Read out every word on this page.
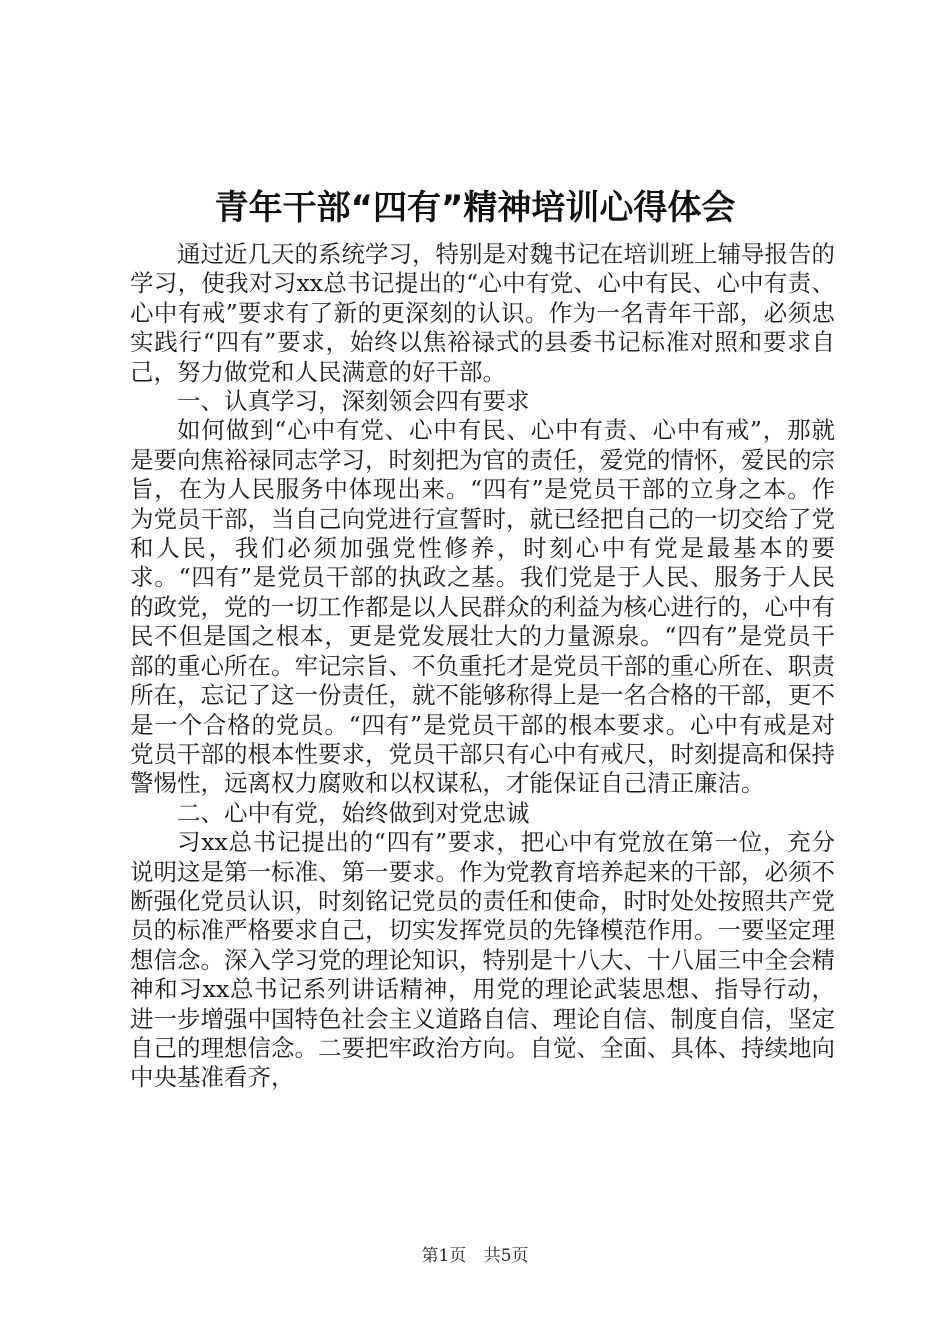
青年干部“四有”精神培训心得体会

通过近几天的系统学习，特别是对魏书记在培训班上辅导报告的学习，使我对习xx总书记提出的“心中有党、心中有民、心中有责、心中有戒”要求有了新的更深刻的认识。作为一名青年干部，必须忠实践行“四有”要求，始终以焦裕禄式的县委书记标准对照和要求自己，努力做党和人民满意的好干部。

一、认真学习，深刻领会四有要求

如何做到“心中有党、心中有民、心中有责、心中有戒”，那就是要向焦裕禄同志学习，时刻把为官的责任，爱党的情怀，爱民的宗旨，在为人民服务中体现出来。“四有”是党员干部的立身之本。作为党员干部，当自己向党进行宣誓时，就已经把自己的一切交给了党和人民，我们必须加强党性修养，时刻心中有党是最基本的要求。“四有”是党员干部的执政之基。我们党是于人民、服务于人民的政党，党的一切工作都是以人民群众的利益为核心进行的，心中有民不但是国之根本，更是党发展壮大的力量源泉。“四有”是党员干部的重心所在。牢记宗旨、不负重托才是党员干部的重心所在、职责所在，忘记了这一份责任，就不能够称得上是一名合格的干部，更不是一个合格的党员。“四有”是党员干部的根本要求。心中有戒是对党员干部的根本性要求，党员干部只有心中有戒尺，时刻提高和保持警惕性，远离权力腐败和以权谋私，才能保证自己清正廉洁。

二、心中有党，始终做到对党忠诚

习xx总书记提出的“四有”要求，把心中有党放在第一位，充分说明这是第一标准、第一要求。作为党教育培养起来的干部，必须不断强化党员认识，时刻铭记党员的责任和使命，时时处处按照共产党员的标准严格要求自己，切实发挥党员的先锋模范作用。一要坚定理想信念。深入学习党的理论知识，特别是十八大、十八届三中全会精神和习xx总书记系列讲话精神，用党的理论武装思想、指导行动，进一步增强中国特色社会主义道路自信、理论自信、制度自信，坚定自己的理想信念。二要把牢政治方向。自觉、全面、具体、持续地向中央基准看齐，

第1页 共5页
